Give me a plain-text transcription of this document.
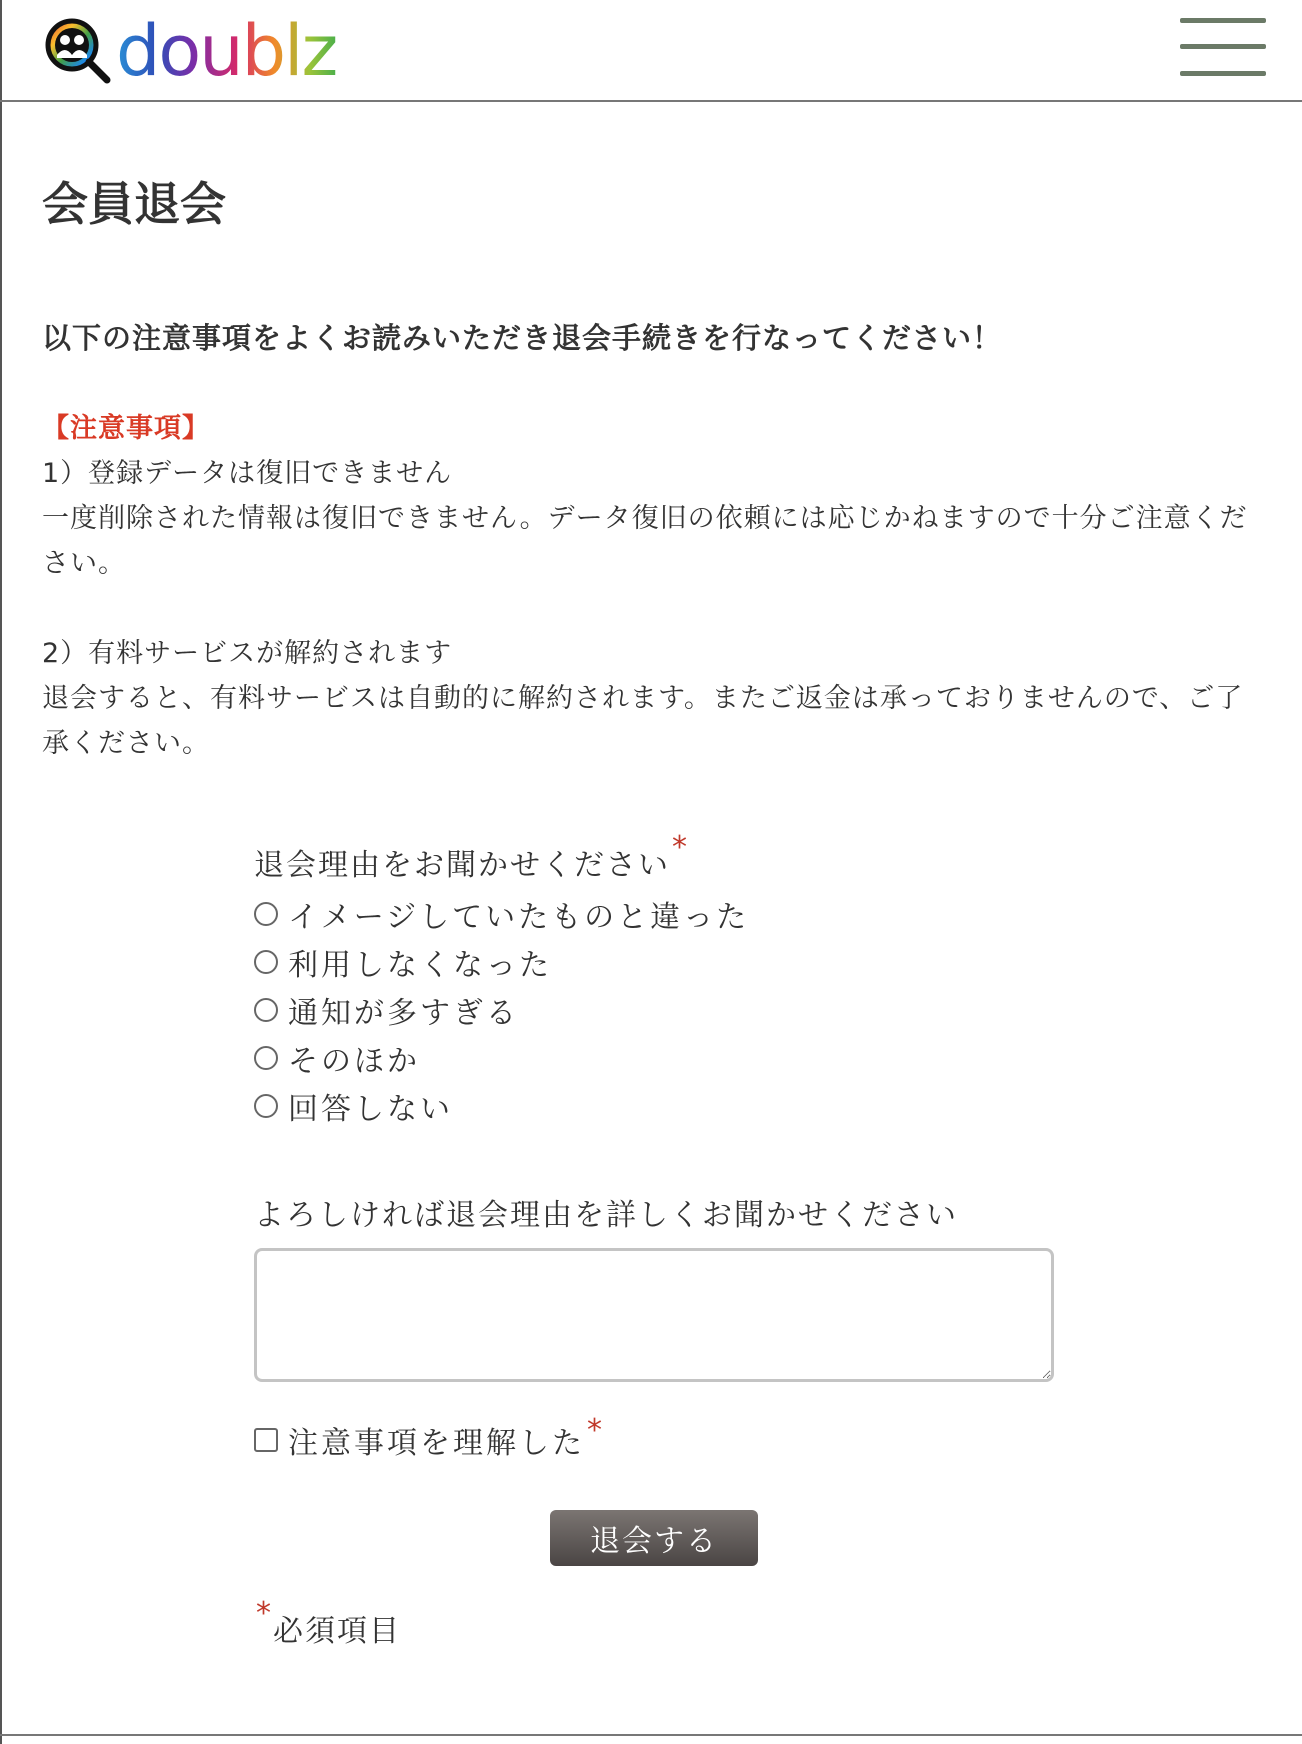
doublz
会員退会
以下の注意事項をよくお読みいただき退会手続きを行なってください！

【注意事項】

1）登録データは復旧できません

一度削除された情報は復旧できません。データ復旧の依頼には応じかねますので十分ご注意ください。

2）有料サービスが解約されます

退会すると、有料サービスは自動的に解約されます。またご返金は承っておりませんので、ご了承ください。

退会理由をお聞かせください*
イメージしていたものと違った
利用しなくなった
通知が多すぎる
そのほか
回答しない
よろしければ退会理由を詳しくお聞かせください
注意事項を理解した *
退会する
*必須項目
